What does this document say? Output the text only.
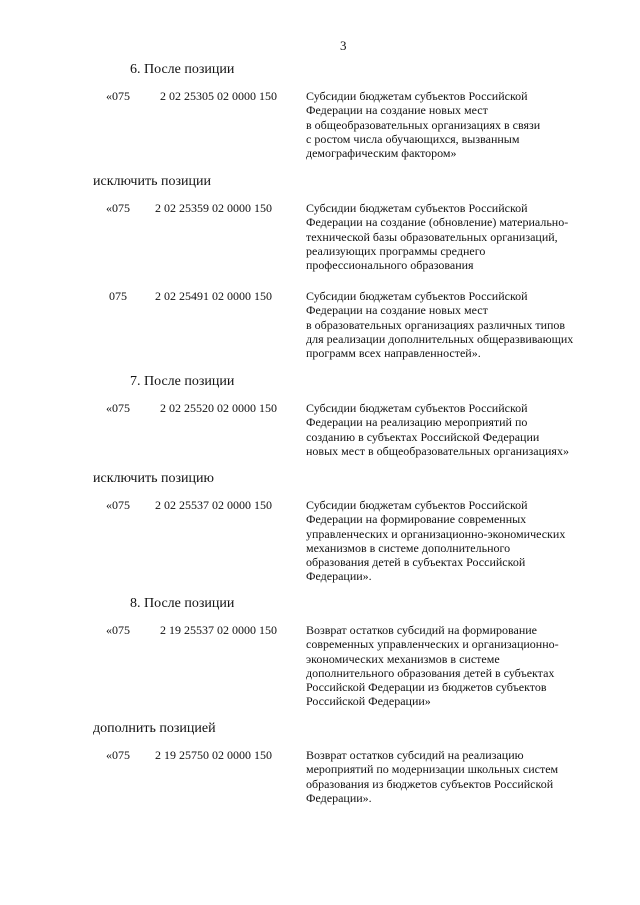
3
6. После позиции
«075	2 02 25305 02 0000 150 Субсидии бюджетам субъектов Российской
Федерации на создание новых мест
в общеобразовательных организациях в связи
с ростом числа обучающихся, вызванным
демографическим фактором»
исключить позиции
«075 2 02 25359 02 0000 150	Субсидии бюджетам субъектов Российской
Федерации на создание (обновление) материально-
технической базы образовательных организаций,
реализующих программы среднего
профессионального образования
075 2 02 25491 02 0000 150	Субсидии бюджетам субъектов Российской
Федерации на создание новых мест
в образовательных организациях различных типов
для реализации дополнительных общеразвивающих
программ всех направленностей».
7. После позиции
«075	2 02 25520 02 0000 150 Субсидии бюджетам субъектов Российской
Федерации на реализацию мероприятий по
созданию в субъектах Российской Федерации
новых мест в общеобразовательных организациях»
исключить позицию
«075 2 02 25537 02 0000 150	Субсидии бюджетам субъектов Российской
Федерации на формирование современных
управленческих и организационно-экономических
механизмов в системе дополнительного
образования детей в субъектах Российской
Федерации».
8. После позиции
«075	2 19 25537 02 0000 150 Возврат остатков субсидий на формирование
современных управленческих и организационно-
экономических механизмов в системе
дополнительного образования детей в субъектах
Российской Федерации из бюджетов субъектов
Российской Федерации»
дополнить позицией
«075 2 19 25750 02 0000 150	Возврат остатков субсидий на реализацию
мероприятий по модернизации школьных систем
образования из бюджетов субъектов Российской
Федерации».
